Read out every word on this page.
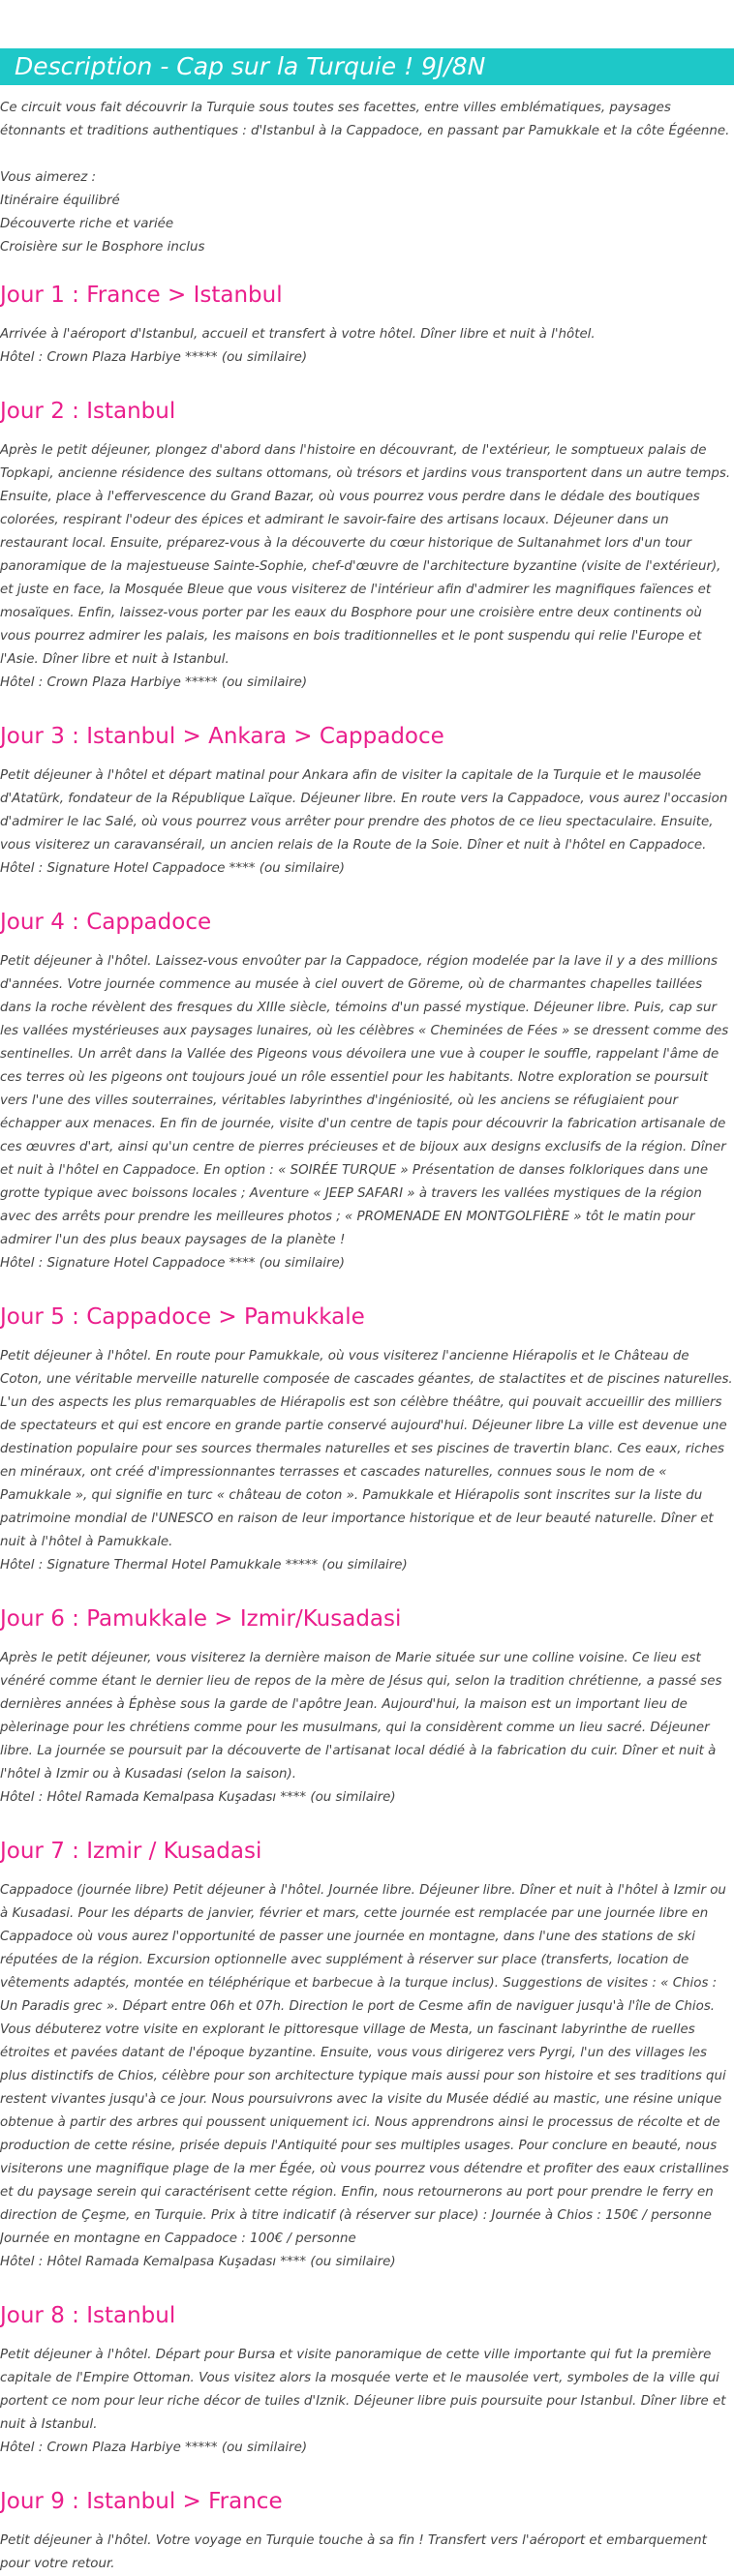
Description - Cap sur la Turquie ! 9J/8N
Ce circuit vous fait découvrir la Turquie sous toutes ses facettes, entre villes emblématiques, paysages étonnants et traditions authentiques : d'Istanbul à la Cappadoce, en passant par Pamukkale et la côte Égéenne.
Vous aimerez :
Itinéraire équilibré
Découverte riche et variée
Croisière sur le Bosphore inclus
Jour 1 : France > Istanbul
Arrivée à l'aéroport d'Istanbul, accueil et transfert à votre hôtel. Dîner libre et nuit à l'hôtel.
Hôtel : Crown Plaza Harbiye ***** (ou similaire)
Jour 2 : Istanbul
Après le petit déjeuner, plongez d'abord dans l'histoire en découvrant, de l'extérieur, le somptueux palais de Topkapi, ancienne résidence des sultans ottomans, où trésors et jardins vous transportent dans un autre temps. Ensuite, place à l'effervescence du Grand Bazar, où vous pourrez vous perdre dans le dédale des boutiques colorées, respirant l'odeur des épices et admirant le savoir-faire des artisans locaux. Déjeuner dans un restaurant local. Ensuite, préparez-vous à la découverte du cœur historique de Sultanahmet lors d'un tour panoramique de la majestueuse Sainte-Sophie, chef-d'œuvre de l'architecture byzantine (visite de l'extérieur), et juste en face, la Mosquée Bleue que vous visiterez de l'intérieur afin d'admirer les magnifiques faïences et mosaïques. Enfin, laissez-vous porter par les eaux du Bosphore pour une croisière entre deux continents où vous pourrez admirer les palais, les maisons en bois traditionnelles et le pont suspendu qui relie l'Europe et l'Asie. Dîner libre et nuit à Istanbul.
Hôtel : Crown Plaza Harbiye ***** (ou similaire)
Jour 3 : Istanbul > Ankara > Cappadoce
Petit déjeuner à l'hôtel et départ matinal pour Ankara afin de visiter la capitale de la Turquie et le mausolée d'Atatürk, fondateur de la République Laïque. Déjeuner libre. En route vers la Cappadoce, vous aurez l'occasion d'admirer le lac Salé, où vous pourrez vous arrêter pour prendre des photos de ce lieu spectaculaire. Ensuite, vous visiterez un caravansérail, un ancien relais de la Route de la Soie. Dîner et nuit à l'hôtel en Cappadoce.
Hôtel : Signature Hotel Cappadoce **** (ou similaire)
Jour 4 : Cappadoce
Petit déjeuner à l'hôtel. Laissez-vous envoûter par la Cappadoce, région modelée par la lave il y a des millions d'années. Votre journée commence au musée à ciel ouvert de Göreme, où de charmantes chapelles taillées dans la roche révèlent des fresques du XIIIe siècle, témoins d'un passé mystique. Déjeuner libre. Puis, cap sur les vallées mystérieuses aux paysages lunaires, où les célèbres « Cheminées de Fées » se dressent comme des sentinelles. Un arrêt dans la Vallée des Pigeons vous dévoilera une vue à couper le souffle, rappelant l'âme de ces terres où les pigeons ont toujours joué un rôle essentiel pour les habitants. Notre exploration se poursuit vers l'une des villes souterraines, véritables labyrinthes d'ingéniosité, où les anciens se réfugiaient pour échapper aux menaces. En fin de journée, visite d'un centre de tapis pour découvrir la fabrication artisanale de ces œuvres d'art, ainsi qu'un centre de pierres précieuses et de bijoux aux designs exclusifs de la région. Dîner et nuit à l'hôtel en Cappadoce. En option : « SOIRÉE TURQUE » Présentation de danses folkloriques dans une grotte typique avec boissons locales ; Aventure « JEEP SAFARI » à travers les vallées mystiques de la région avec des arrêts pour prendre les meilleures photos ; « PROMENADE EN MONTGOLFIÈRE » tôt le matin pour admirer l'un des plus beaux paysages de la planète !
Hôtel : Signature Hotel Cappadoce **** (ou similaire)
Jour 5 : Cappadoce > Pamukkale
Petit déjeuner à l'hôtel. En route pour Pamukkale, où vous visiterez l'ancienne Hiérapolis et le Château de Coton, une véritable merveille naturelle composée de cascades géantes, de stalactites et de piscines naturelles. L'un des aspects les plus remarquables de Hiérapolis est son célèbre théâtre, qui pouvait accueillir des milliers de spectateurs et qui est encore en grande partie conservé aujourd'hui. Déjeuner libre La ville est devenue une destination populaire pour ses sources thermales naturelles et ses piscines de travertin blanc. Ces eaux, riches en minéraux, ont créé d'impressionnantes terrasses et cascades naturelles, connues sous le nom de « Pamukkale », qui signifie en turc « château de coton ». Pamukkale et Hiérapolis sont inscrites sur la liste du patrimoine mondial de l'UNESCO en raison de leur importance historique et de leur beauté naturelle. Dîner et nuit à l'hôtel à Pamukkale.
Hôtel : Signature Thermal Hotel Pamukkale ***** (ou similaire)
Jour 6 : Pamukkale > Izmir/Kusadasi
Après le petit déjeuner, vous visiterez la dernière maison de Marie située sur une colline voisine. Ce lieu est vénéré comme étant le dernier lieu de repos de la mère de Jésus qui, selon la tradition chrétienne, a passé ses dernières années à Éphèse sous la garde de l'apôtre Jean. Aujourd'hui, la maison est un important lieu de pèlerinage pour les chrétiens comme pour les musulmans, qui la considèrent comme un lieu sacré. Déjeuner libre. La journée se poursuit par la découverte de l'artisanat local dédié à la fabrication du cuir. Dîner et nuit à l'hôtel à Izmir ou à Kusadasi (selon la saison).
Hôtel : Hôtel Ramada Kemalpasa Kuşadası **** (ou similaire)
Jour 7 : Izmir / Kusadasi
Cappadoce (journée libre) Petit déjeuner à l'hôtel. Journée libre. Déjeuner libre. Dîner et nuit à l'hôtel à Izmir ou à Kusadasi. Pour les départs de janvier, février et mars, cette journée est remplacée par une journée libre en Cappadoce où vous aurez l'opportunité de passer une journée en montagne, dans l'une des stations de ski réputées de la région. Excursion optionnelle avec supplément à réserver sur place (transferts, location de vêtements adaptés, montée en téléphérique et barbecue à la turque inclus). Suggestions de visites : « Chios : Un Paradis grec ». Départ entre 06h et 07h. Direction le port de Cesme afin de naviguer jusqu'à l'île de Chios. Vous débuterez votre visite en explorant le pittoresque village de Mesta, un fascinant labyrinthe de ruelles étroites et pavées datant de l'époque byzantine. Ensuite, vous vous dirigerez vers Pyrgi, l'un des villages les plus distinctifs de Chios, célèbre pour son architecture typique mais aussi pour son histoire et ses traditions qui restent vivantes jusqu'à ce jour. Nous poursuivrons avec la visite du Musée dédié au mastic, une résine unique obtenue à partir des arbres qui poussent uniquement ici. Nous apprendrons ainsi le processus de récolte et de production de cette résine, prisée depuis l'Antiquité pour ses multiples usages. Pour conclure en beauté, nous visiterons une magnifique plage de la mer Égée, où vous pourrez vous détendre et profiter des eaux cristallines et du paysage serein qui caractérisent cette région. Enfin, nous retournerons au port pour prendre le ferry en direction de Çeşme, en Turquie. Prix à titre indicatif (à réserver sur place) : Journée à Chios : 150€ / personne Journée en montagne en Cappadoce : 100€ / personne
Hôtel : Hôtel Ramada Kemalpasa Kuşadası **** (ou similaire)
Jour 8 : Istanbul
Petit déjeuner à l'hôtel. Départ pour Bursa et visite panoramique de cette ville importante qui fut la première capitale de l'Empire Ottoman. Vous visitez alors la mosquée verte et le mausolée vert, symboles de la ville qui portent ce nom pour leur riche décor de tuiles d'Iznik. Déjeuner libre puis poursuite pour Istanbul. Dîner libre et nuit à Istanbul.
Hôtel : Crown Plaza Harbiye ***** (ou similaire)
Jour 9 : Istanbul > France
Petit déjeuner à l'hôtel. Votre voyage en Turquie touche à sa fin ! Transfert vers l'aéroport et embarquement pour votre retour.
